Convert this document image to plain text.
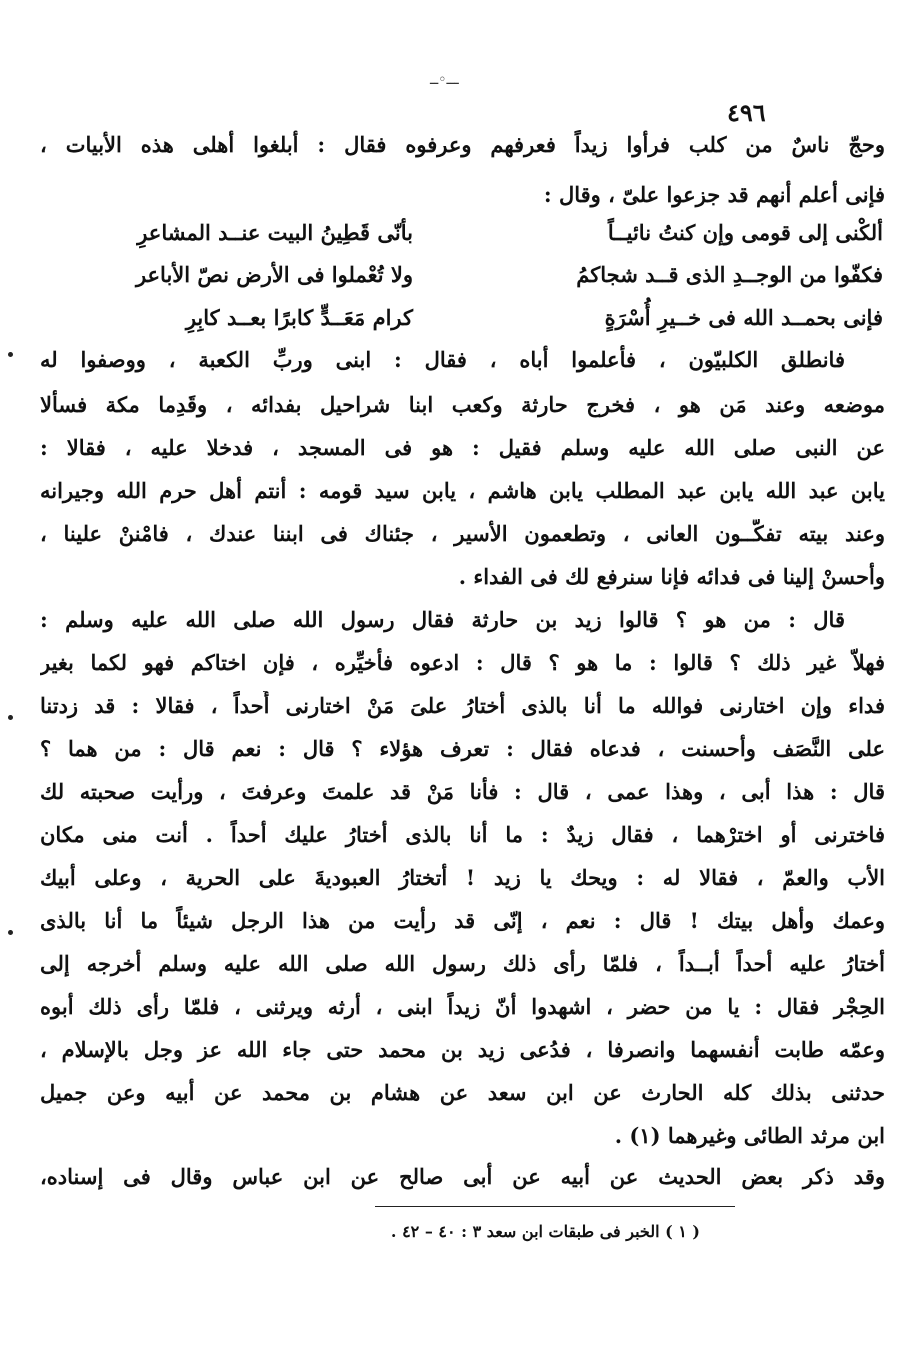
ـــ◦ــ
٤٩٦
وحجّ ناسٌ من كلب فرأوا زيداً فعرفهم وعرفوه فقال : أبلغوا أهلى هذه الأبيات ،
فإنى أعلم أنهم قد جزعوا علىّ ، وقال :
ألكْنى إلى قومى وإن كنتُ نائيــاً
بأنّى قَطِينُ البيت عنــد المشاعرِ
فكفّوا من الوجــدِ الذى قــد شجاكمُ
ولا تُعْملوا فى الأرض نصّ الأباعر
فإنى بحمــد الله فى خــيرِ أُسْرَةٍ
كرام مَعَــدٍّ كابرًا بعــد كابِرِ
فانطلق الكلبيّون ، فأعلموا أباه ، فقال : ابنى وربِّ الكعبة ، ووصفوا له
موضعه وعند مَن هو ، فخرج حارثة وكعب ابنا شراحيل بفدائه ، وقَدِما مكة فسألا
عن النبى صلى الله عليه وسلم فقيل : هو فى المسجد ، فدخلا عليه ، فقالا :
يابن عبد الله يابن عبد المطلب يابن هاشم ، يابن سيد قومه : أنتم أهل حرم الله وجيرانه
وعند بيته تفكُّــون العانى ، وتطعمون الأسير ، جئناك فى ابننا عندك ، فامْننْ علينا ،
وأحسنْ إلينا فى فدائه فإنا سنرفع لك فى الفداء .
قال : من هو ؟ قالوا زيد بن حارثة فقال رسول الله صلى الله عليه وسلم :
فهلاّ غير ذلك ؟ قالوا : ما هو ؟ قال : ادعوه فأخيِّره ، فإن اختاكم فهو لكما بغير
فداء وإن اختارنى فوالله ما أنا بالذى أختارُ علىَ مَنْ اختارنى أَحداً ، فقالا : قد زدتنا
على النَّصَف وأحسنت ، فدعاه فقال : تعرف هؤلاء ؟ قال : نعم قال : من هما ؟
قال : هذا أبى ، وهذا عمى ، قال : فأنا مَنْ قد علمتَ وعرفتَ ، ورأيت صحبته لك
فاخترنى أو اخترْهما ، فقال زيدٌ : ما أنا بالذى أختارُ عليك أحداً . أنت منى مكان
الأب والعمّ ، فقالا له : ويحك يا زيد ! أتختارُ العبوديةَ على الحرية ، وعلى أبيك
وعمك وأهل بيتك ! قال : نعم ، إنّى قد رأيت من هذا الرجل شيئاً ما أنا بالذى
أختارُ عليه أحداً أبــداً ، فلمّا رأى ذلك رسول الله صلى الله عليه وسلم أخرجه إلى
الحِجْر فقال : يا من حضر ، اشهدوا أنّ زيداً ابنى ، أرثه ويرثنى ، فلمّا رأى ذلك أبوه
وعمّه طابت أنفسهما وانصرفا ، فدُعى زيد بن محمد حتى جاء الله عز وجل بالإسلام ،
حدثنى بذلك كله الحارث عن ابن سعد عن هشام بن محمد عن أبيه وعن جميل
ابن مرثد الطائى وغيرهما (١) .
وقد ذكر بعض الحديث عن أبيه عن أبى صالح عن ابن عباس وقال فى إسناده،
( ١ ) الخبر فى طبقات ابن سعد ٣ : ٤٠ – ٤٢ .
